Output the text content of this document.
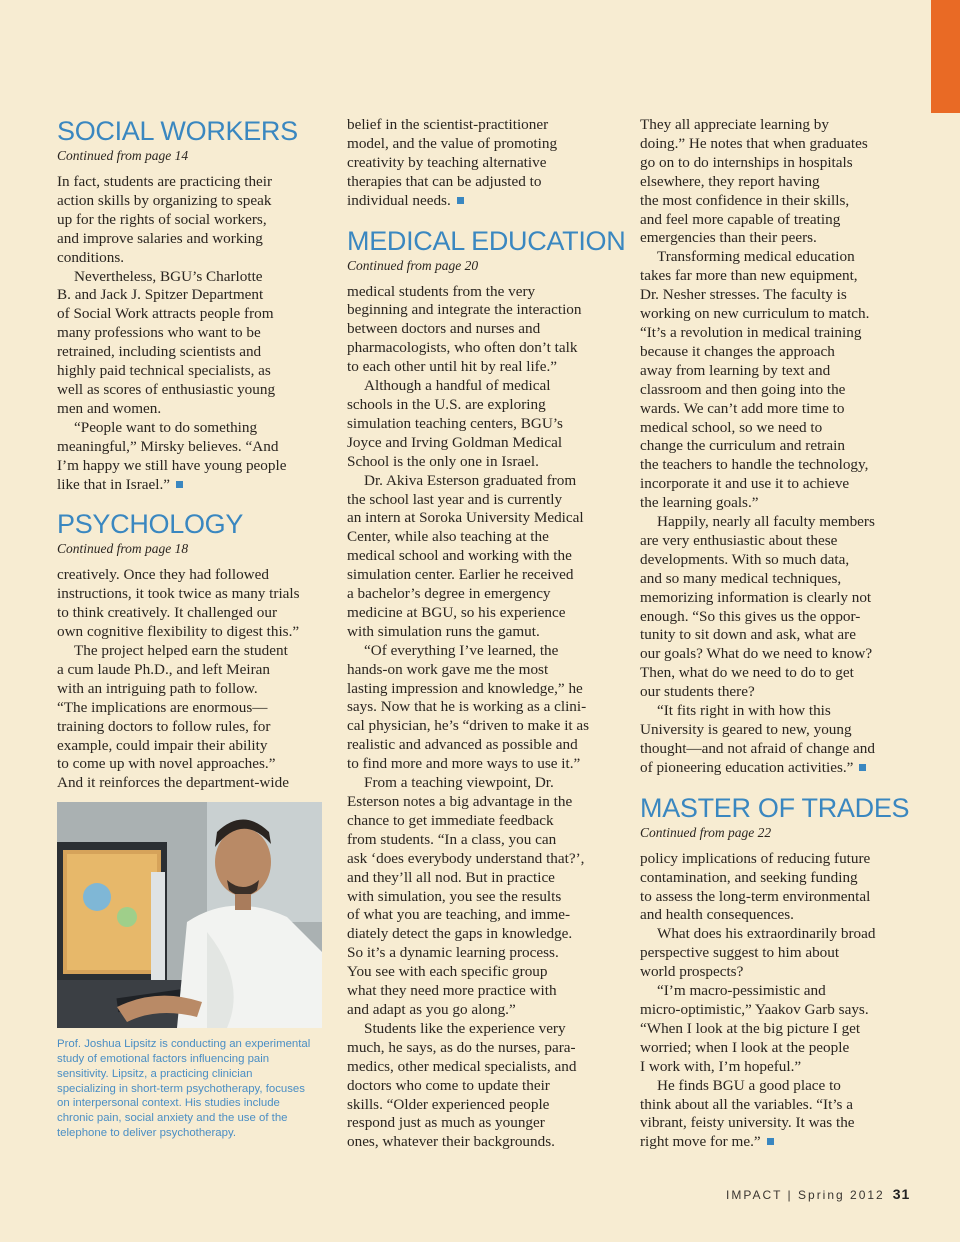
SOCIAL WORKERS
Continued from page 14
In fact, students are practicing their
action skills by organizing to speak
up for the rights of social workers,
and improve salaries and working
conditions.
Nevertheless, BGU’s Charlotte
B. and Jack J. Spitzer Department
of Social Work attracts people from
many professions who want to be
retrained, including scientists and
highly paid technical specialists, as
well as scores of enthusiastic young
men and women.
“People want to do something
meaningful,” Mirsky believes. “And
I’m happy we still have young people
like that in Israel.”
PSYCHOLOGY
Continued from page 18
creatively. Once they had followed
instructions, it took twice as many trials
to think creatively. It challenged our
own cognitive flexibility to digest this.”
The project helped earn the student
a cum laude Ph.D., and left Meiran
with an intriguing path to follow.
“The implications are enormous—
training doctors to follow rules, for
example, could impair their ability
to come up with novel approaches.”
And it reinforces the department-wide
Prof. Joshua Lipsitz is conducting an experimental
study of emotional factors influencing pain
sensitivity. Lipsitz, a practicing clinician
specializing in short-term psychotherapy, focuses
on interpersonal context. His studies include
chronic pain, social anxiety and the use of the
telephone to deliver psychotherapy.
belief in the scientist-practitioner
model, and the value of promoting
creativity by teaching alternative
therapies that can be adjusted to
individual needs.
MEDICAL EDUCATION
Continued from page 20
medical students from the very
beginning and integrate the interaction
between doctors and nurses and
pharmacologists, who often don’t talk
to each other until hit by real life.”
Although a handful of medical
schools in the U.S. are exploring
simulation teaching centers, BGU’s
Joyce and Irving Goldman Medical
School is the only one in Israel.
Dr. Akiva Esterson graduated from
the school last year and is currently
an intern at Soroka University Medical
Center, while also teaching at the
medical school and working with the
simulation center. Earlier he received
a bachelor’s degree in emergency
medicine at BGU, so his experience
with simulation runs the gamut.
“Of everything I’ve learned, the
hands-on work gave me the most
lasting impression and knowledge,” he
says. Now that he is working as a clini-
cal physician, he’s “driven to make it as
realistic and advanced as possible and
to find more and more ways to use it.”
From a teaching viewpoint, Dr.
Esterson notes a big advantage in the
chance to get immediate feedback
from students. “In a class, you can
ask ‘does everybody understand that?’,
and they’ll all nod. But in practice
with simulation, you see the results
of what you are teaching, and imme-
diately detect the gaps in knowledge.
So it’s a dynamic learning process.
You see with each specific group
what they need more practice with
and adapt as you go along.”
Students like the experience very
much, he says, as do the nurses, para-
medics, other medical specialists, and
doctors who come to update their
skills. “Older experienced people
respond just as much as younger
ones, whatever their backgrounds.
They all appreciate learning by
doing.” He notes that when graduates
go on to do internships in hospitals
elsewhere, they report having
the most confidence in their skills,
and feel more capable of treating
emergencies than their peers.
Transforming medical education
takes far more than new equipment,
Dr. Nesher stresses. The faculty is
working on new curriculum to match.
“It’s a revolution in medical training
because it changes the approach
away from learning by text and
classroom and then going into the
wards. We can’t add more time to
medical school, so we need to
change the curriculum and retrain
the teachers to handle the technology,
incorporate it and use it to achieve
the learning goals.”
Happily, nearly all faculty members
are very enthusiastic about these
developments. With so much data,
and so many medical techniques,
memorizing information is clearly not
enough. “So this gives us the oppor-
tunity to sit down and ask, what are
our goals? What do we need to know?
Then, what do we need to do to get
our students there?
“It fits right in with how this
University is geared to new, young
thought—and not afraid of change and
of pioneering education activities.”
MASTER OF TRADES
Continued from page 22
policy implications of reducing future
contamination, and seeking funding
to assess the long-term environmental
and health consequences.
What does his extraordinarily broad
perspective suggest to him about
world prospects?
“I’m macro-pessimistic and
micro-optimistic,” Yaakov Garb says.
“When I look at the big picture I get
worried; when I look at the people
I work with, I’m hopeful.”
He finds BGU a good place to
think about all the variables. “It’s a
vibrant, feisty university. It was the
right move for me.”
IMPACT | Spring 2012 31
